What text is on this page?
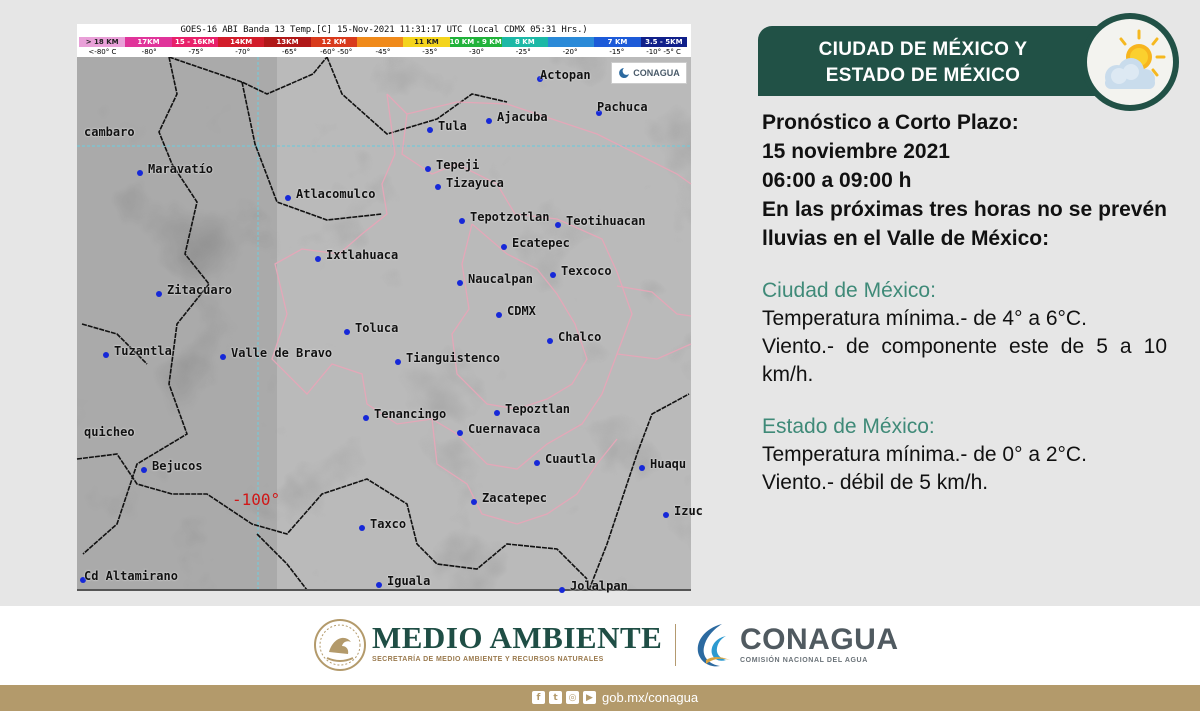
GOES-16 ABI Banda 13 Temp.[C] 15-Nov-2021 11:31:17 UTC (Local CDMX 05:31 Hrs.)
> 18 KM	17KM	15 - 16KM	14KM	13KM	12 KM	11 KM	10 KM - 9 KM	8 KM	7 KM	3.5 - 5KM
<-80° C	-80°	-75°	-70°	-65°	-60° -50°	-45°	-35°	-30°	-25°	-20°	-15°	-10° -5° C
CONAGUA
Actopan
Pachuca
cambaro	Tula
Ajacuba
Maravatío	Tepeji
Tizayuca
Atlacomulco
Tepotzotlan Teotihuacan
Ecatepec
Ixtlahuaca
Naucalpan
Texcoco
Zitacuaro
CDMX
Toluca
Chalco
Tuzantla	Valle de Bravo	Tianguistenco
Tenancingo	Tepoztlan
Cuernavaca
quicheo
Cuautla
Bejucos	Huaqu
Zacatepec
Izuc
Taxco
Cd Altamirano	Iguala	Jolalpan
-100°
CIUDAD DE MÉXICO Y
ESTADO DE MÉXICO
Pronóstico a Corto Plazo:
15 noviembre 2021
06:00 a 09:00 h
En las próximas tres horas no se prevén lluvias en el Valle de México:
Ciudad de México:
Temperatura mínima.- de 4° a 6°C.
Viento.- de componente este de 5 a 10 km/h.
Estado de México:
Temperatura mínima.- de 0° a 2°C.
Viento.- débil de 5 km/h.
MEDIO AMBIENTE
SECRETARÍA DE MEDIO AMBIENTE Y RECURSOS NATURALES
CONAGUA
COMISIÓN NACIONAL DEL AGUA
f	t	◎	▶ gob.mx/conagua
